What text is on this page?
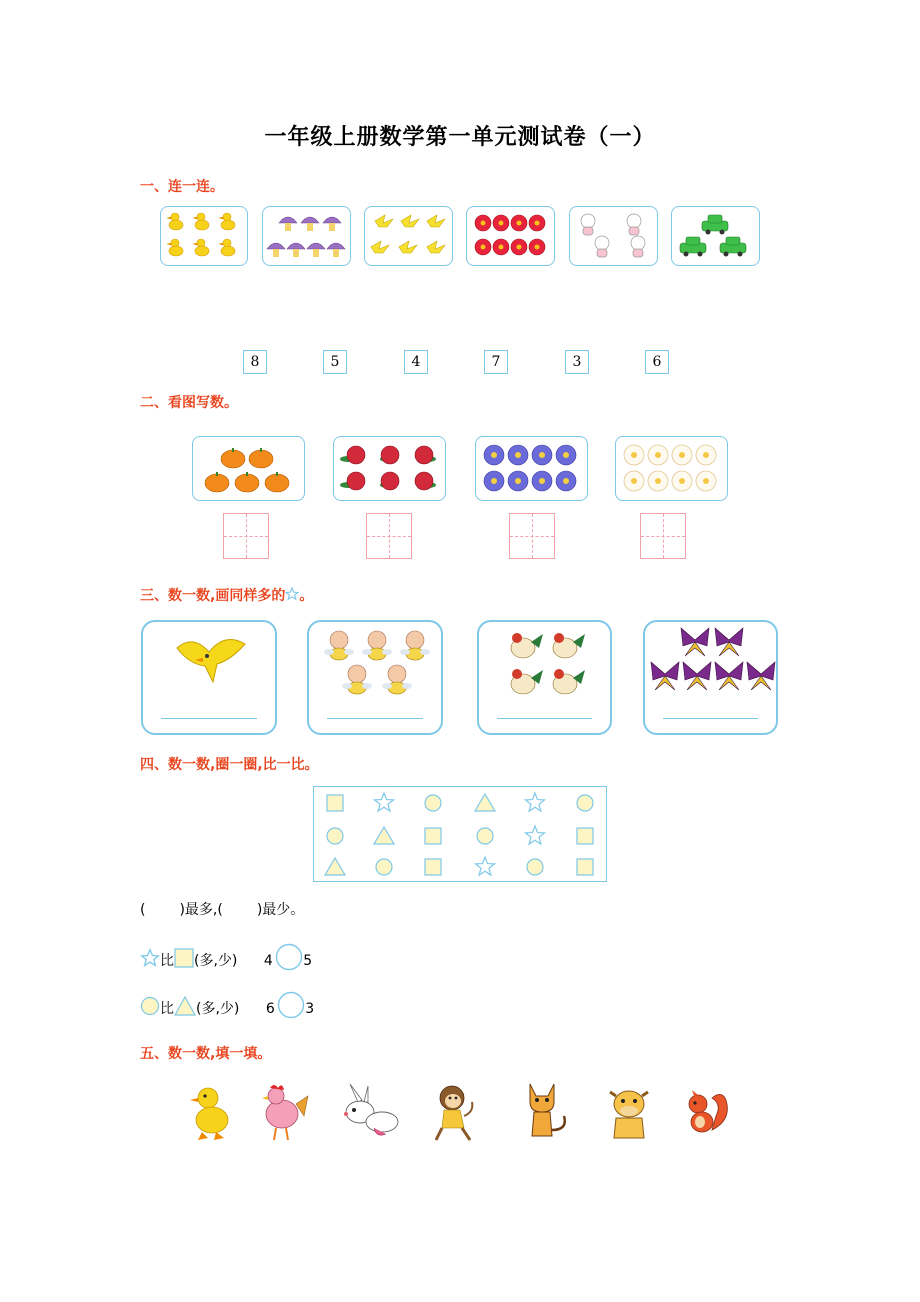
一年级上册数学第一单元测试卷（一）
一、连一连。
8	5	4	7	3	6
二、看图写数。
三、数一数,画同样多的 。
四、数一数,圈一圈,比一比。
( )最多,( )最少。
比 (多,少) 4 5
比 (多,少) 6 3
五、数一数,填一填。
